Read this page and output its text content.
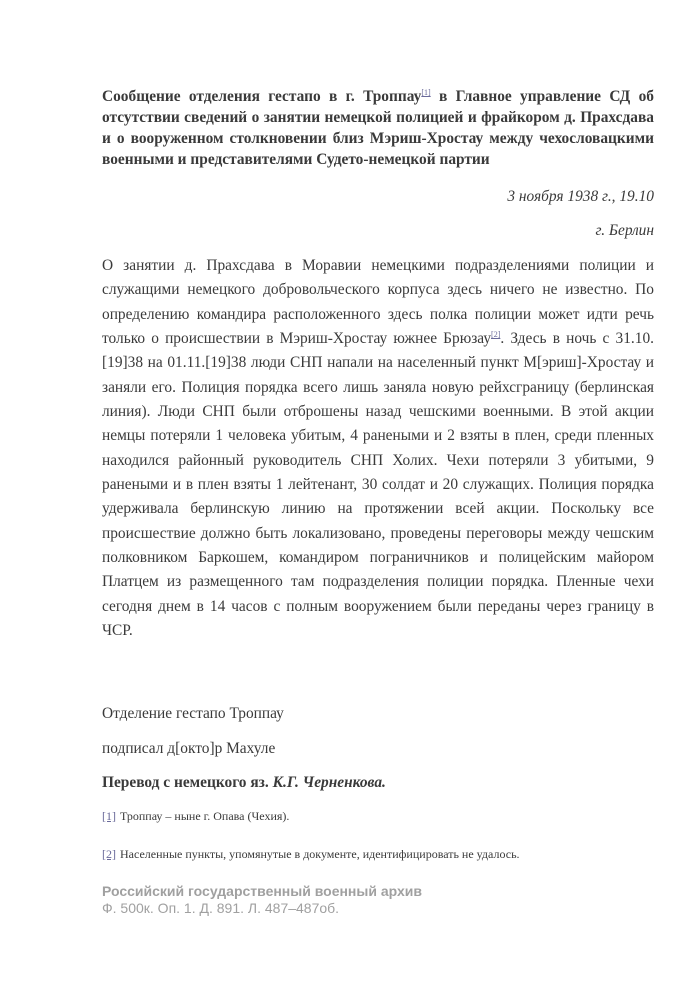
Сообщение отделения гестапо в г. Троппау[1] в Главное управление СД об отсутствии сведений о занятии немецкой полицией и фрайкором д. Прахсдава и о вооруженном столкновении близ Мэриш-Хростау между чехословацкими военными и представителями Судето-немецкой партии

3 ноября 1938 г., 19.10
г. Берлин

О занятии д. Прахсдава в Моравии немецкими подразделениями полиции и служащими немецкого добровольческого корпуса здесь ничего не известно. По определению командира расположенного здесь полка полиции может идти речь только о происшествии в Мэриш-Хростау южнее Брюзау[2]. Здесь в ночь с 31.10.[19]38 на 01.11.[19]38 люди СНП напали на населенный пункт М[эриш]-Хростау и заняли его. Полиция порядка всего лишь заняла новую рейхсграницу (берлинская линия). Люди СНП были отброшены назад чешскими военными. В этой акции немцы потеряли 1 человека убитым, 4 ранеными и 2 взяты в плен, среди пленных находился районный руководитель СНП Холих. Чехи потеряли 3 убитыми, 9 ранеными и в плен взяты 1 лейтенант, 30 солдат и 20 служащих. Полиция порядка удерживала берлинскую линию на протяжении всей акции. Поскольку все происшествие должно быть локализовано, проведены переговоры между чешским полковником Баркошем, командиром пограничников и полицейским майором Платцем из размещенного там подразделения полиции порядка. Пленные чехи сегодня днем в 14 часов с полным вооружением были переданы через границу в ЧСР.

Отделение гестапо Троппау
подписал д[окто]р Махуле
Перевод с немецкого яз. К.Г. Черненкова.
[1] Троппау – ныне г. Опава (Чехия).
[2] Населенные пункты, упомянутые в документе, идентифицировать не удалось.
Российский государственный военный архив
Ф. 500к. Оп. 1. Д. 891. Л. 487–487об.
